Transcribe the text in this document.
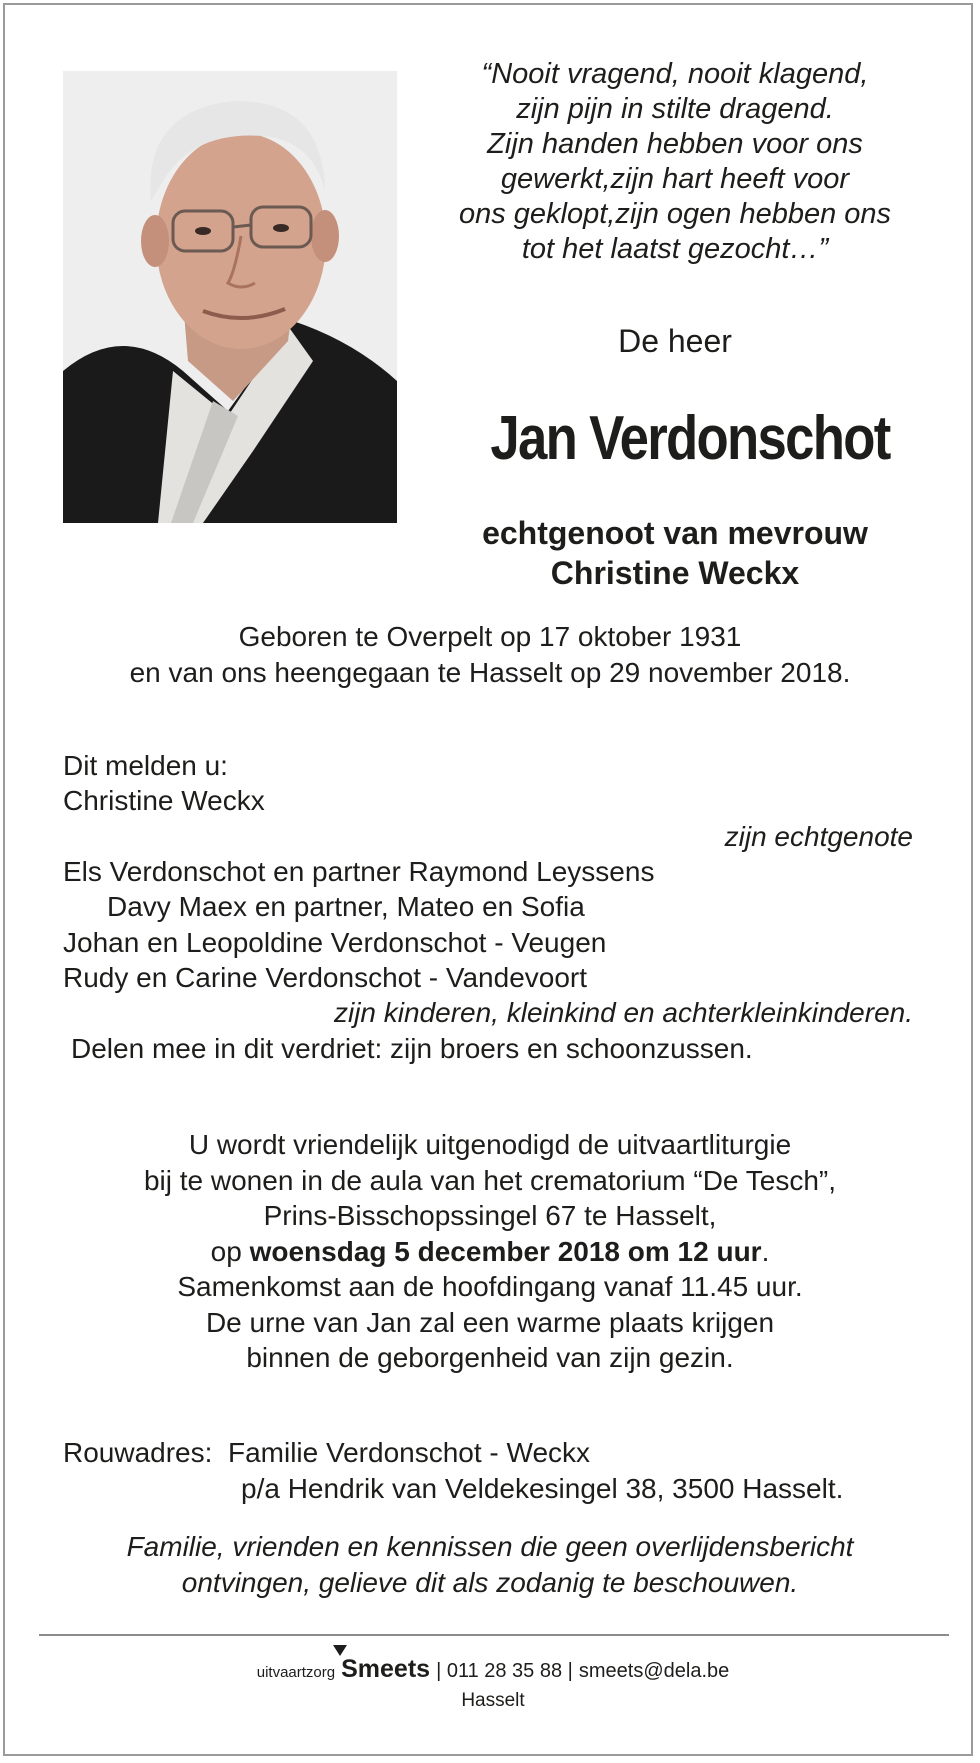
“Nooit vragend, nooit klagend,
zijn pijn in stilte dragend.
Zijn handen hebben voor ons
gewerkt,zijn hart heeft voor
ons geklopt,zijn ogen hebben ons
tot het laatst gezocht…”
De heer
Jan Verdonschot
echtgenoot van mevrouw
Christine Weckx
Geboren te Overpelt op 17 oktober 1931
en van ons heengegaan te Hasselt op 29 november 2018.
Dit melden u:
Christine Weckx
zijn echtgenote
Els Verdonschot en partner Raymond Leyssens
Davy Maex en partner, Mateo en Sofia
Johan en Leopoldine Verdonschot - Veugen
Rudy en Carine Verdonschot - Vandevoort
zijn kinderen, kleinkind en achterkleinkinderen.
Delen mee in dit verdriet: zijn broers en schoonzussen.
U wordt vriendelijk uitgenodigd de uitvaartliturgie
bij te wonen in de aula van het crematorium “De Tesch”,
Prins-Bisschopssingel 67 te Hasselt,
op woensdag 5 december 2018 om 12 uur.
Samenkomst aan de hoofdingang vanaf 11.45 uur.
De urne van Jan zal een warme plaats krijgen
binnen de geborgenheid van zijn gezin.
Rouwadres: Familie Verdonschot - Weckx
p/a Hendrik van Veldekesingel 38, 3500 Hasselt.
Familie, vrienden en kennissen die geen overlijdensbericht
ontvingen, gelieve dit als zodanig te beschouwen.
uitvaartzorg Smeets | 011 28 35 88 | smeets@dela.be
Hasselt
